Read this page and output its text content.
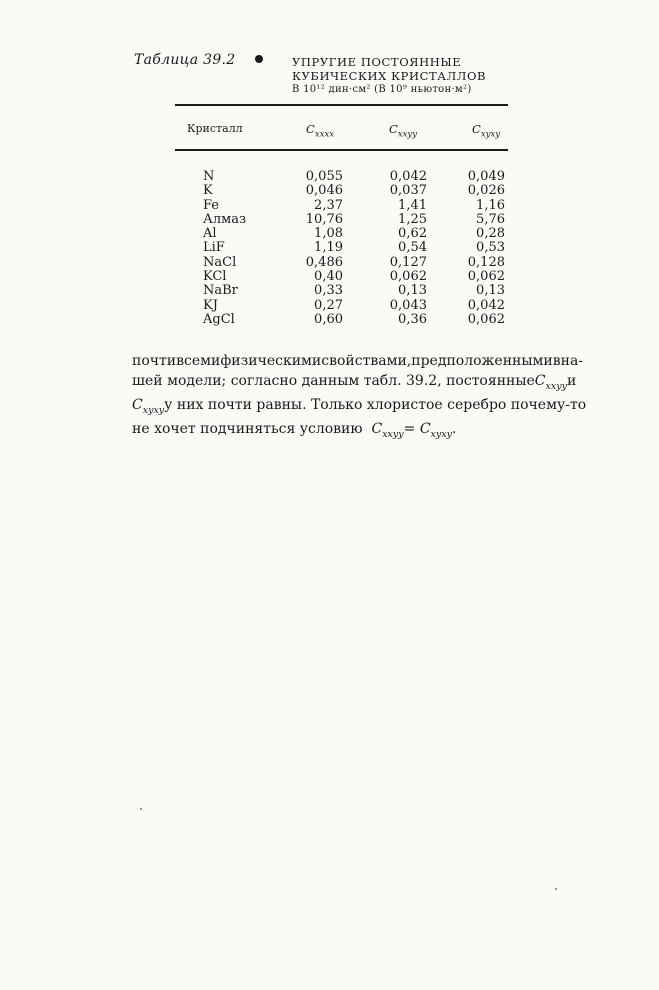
Таблица 39.2	УПРУГИЕ ПОСТОЯННЫЕ
КУБИЧЕСКИХ КРИСТАЛЛОВ
В 10¹² дин·см² (В 10⁹ ньютон·м²)
Кристалл	$C_{xxxx}$	$C_{xxyy}$	$C_{xyxy}$
N	0,055	0,042	0,049
K	0,046	0,037	0,026
Fe	2,37	1,41	1,16
Алмаз	10,76	1,25	5,76
Al	1,08	0,62	0,28
LiF	1,19	0,54	0,53
NaCl	0,486	0,127	0,128
KCl	0,40	0,062	0,062
NaBr	0,33	0,13	0,13
KJ	0,27	0,043	0,042
AgCl	0,60	0,36	0,062
почти всеми физическими свойствами, предположенными в на-
шей модели; согласно данным табл. 39.2, постоянные $C_{xxyy}$ и
$C_{xyxy}$ у них почти равны. Только хлористое серебро почему-то
не хочет подчиняться условию
$C_{xxyy}= C_{xyxy}$ .
